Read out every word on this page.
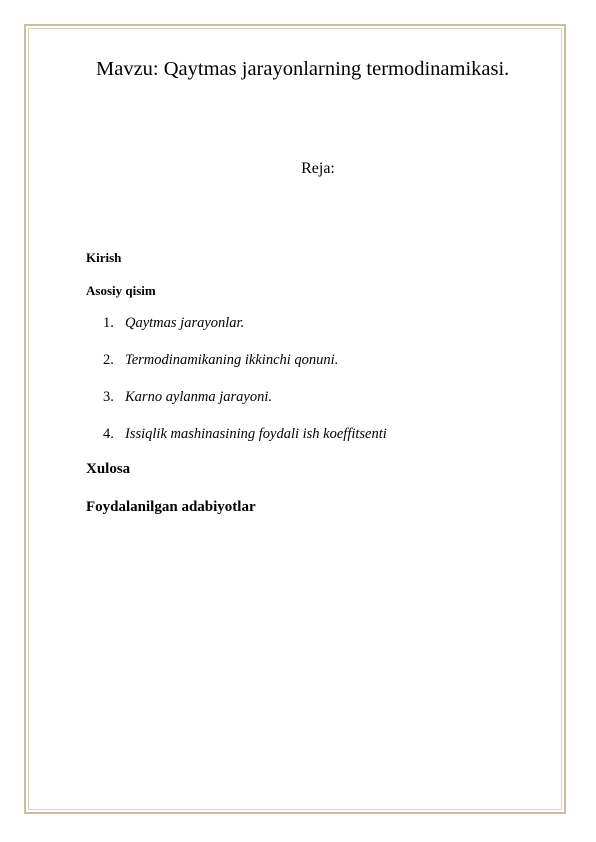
Mavzu: Qaytmas jarayonlarning termodinamikasi.
Reja:
Kirish
Asosiy qisim
1 . Qaytmas jarayonlar.
2 . Termodinamikaning ikkinchi qonuni.
3 . Karno aylanma jarayoni.
4 . Issiqlik mashinasining foydali ish koeffitsenti
Xulosa
Foydalanilgan adabiyotlar
